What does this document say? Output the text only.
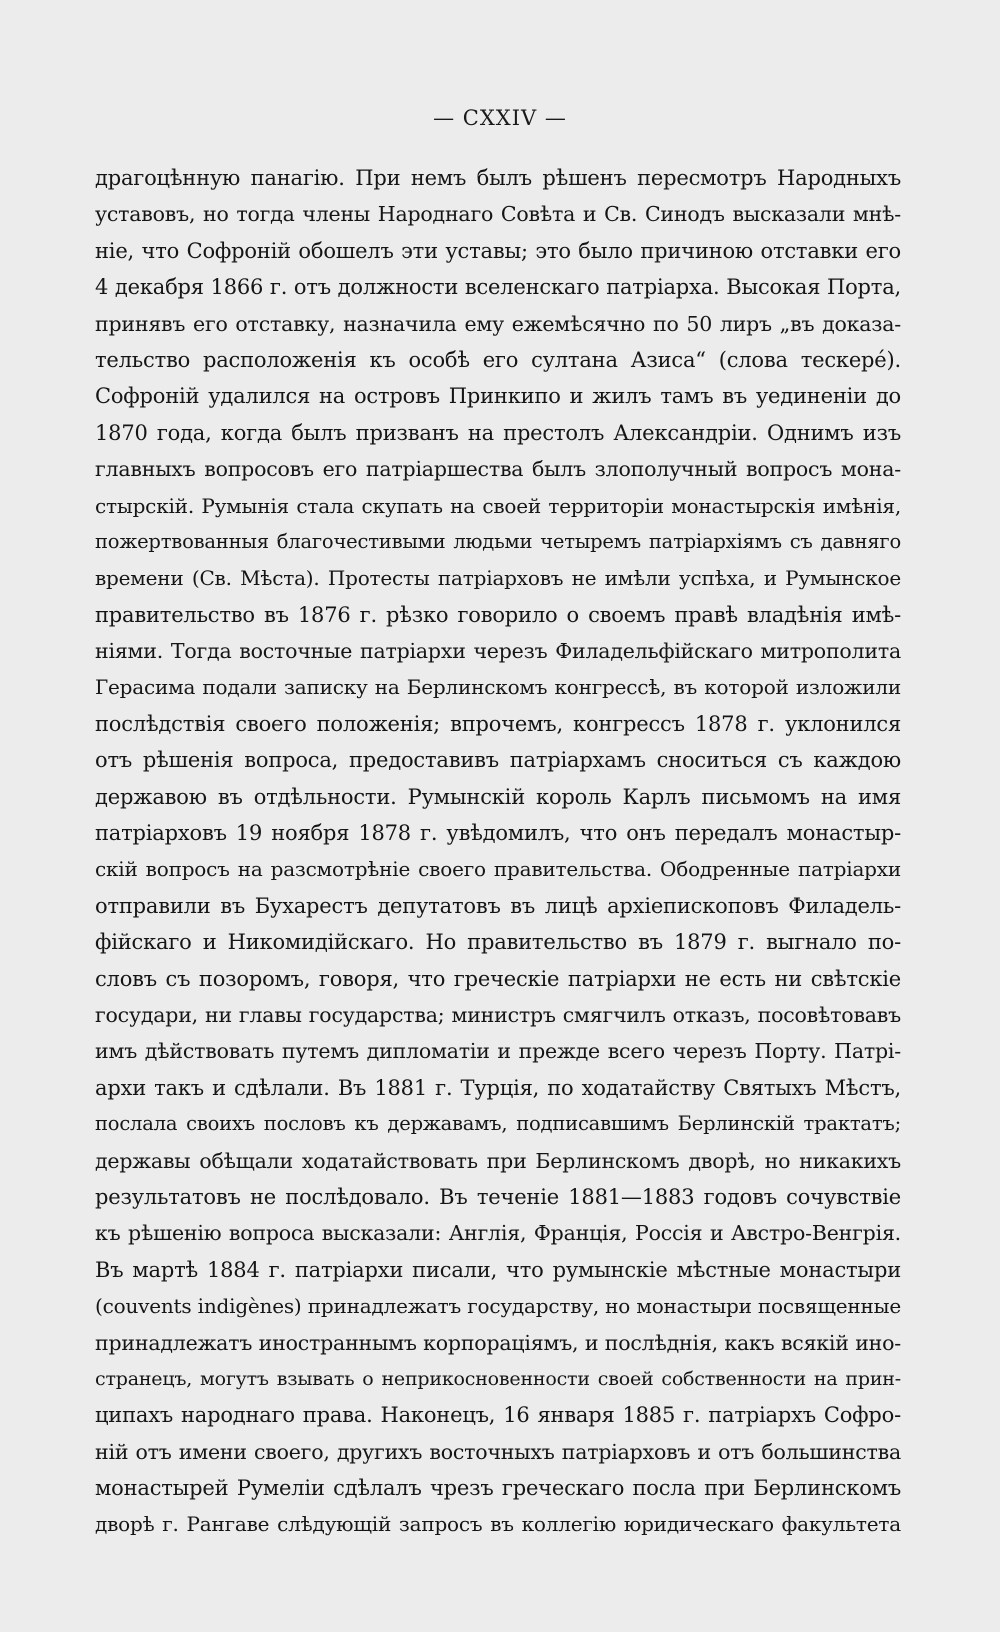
— CXXIV —
драгоцѣнную панагію. При немъ былъ рѣшенъ пересмотръ Народныхъ
уставовъ, но тогда члены Народнаго Совѣта и Св. Синодъ высказали мнѣ-
ніе, что Софроній обошелъ эти уставы; это было причиною отставки его
4 декабря 1866 г. отъ должности вселенскаго патріарха. Высокая Порта,
принявъ его отставку, назначила ему ежемѣсячно по 50 лиръ „въ доказа-
тельство расположенія къ особѣ его султана Азиса“ (слова тескере́).
Софроній удалился на островъ Принкипо и жилъ тамъ въ уединеніи до
1870 года, когда былъ призванъ на престолъ Александріи. Однимъ изъ
главныхъ вопросовъ его патріаршества былъ злополучный вопросъ мона-
стырскій. Румынія стала скупать на своей территоріи монастырскія имѣнія,
пожертвованныя благочестивыми людьми четыремъ патріархіямъ съ давняго
времени (Св. Мѣста). Протесты патріарховъ не имѣли успѣха, и Румынское
правительство въ 1876 г. рѣзко говорило о своемъ правѣ владѣнія имѣ-
ніями. Тогда восточные патріархи черезъ Филадельфійскаго митрополита
Герасима подали записку на Берлинскомъ конгрессѣ, въ которой изложили
послѣдствія своего положенія; впрочемъ, конгрессъ 1878 г. уклонился
отъ рѣшенія вопроса, предоставивъ патріархамъ сноситься съ каждою
державою въ отдѣльности. Румынскій король Карлъ письмомъ на имя
патріарховъ 19 ноября 1878 г. увѣдомилъ, что онъ передалъ монастыр-
скій вопросъ на разсмотрѣніе своего правительства. Ободренные патріархи
отправили въ Бухарестъ депутатовъ въ лицѣ архіепископовъ Филадель-
фійскаго и Никомидійскаго. Но правительство въ 1879 г. выгнало по-
словъ съ позоромъ, говоря, что греческіе патріархи не есть ни свѣтскіе
государи, ни главы государства; министръ смягчилъ отказъ, посовѣтовавъ
имъ дѣйствовать путемъ дипломатіи и прежде всего черезъ Порту. Патрі-
архи такъ и сдѣлали. Въ 1881 г. Турція, по ходатайству Святыхъ Мѣстъ,
послала своихъ пословъ къ державамъ, подписавшимъ Берлинскій трактатъ;
державы обѣщали ходатайствовать при Берлинскомъ дворѣ, но никакихъ
результатовъ не послѣдовало. Въ теченіе 1881—1883 годовъ сочувствіе
къ рѣшенію вопроса высказали: Англія, Франція, Россія и Австро-Венгрія.
Въ мартѣ 1884 г. патріархи писали, что румынскіе мѣстные монастыри
(couvents indigènes) принадлежатъ государству, но монастыри посвященные
принадлежатъ иностраннымъ корпораціямъ, и послѣднія, какъ всякій ино-
странецъ, могутъ взывать о неприкосновенности своей собственности на прин-
ципахъ народнаго права. Наконецъ, 16 января 1885 г. патріархъ Софро-
ній отъ имени своего, другихъ восточныхъ патріарховъ и отъ большинства
монастырей Румеліи сдѣлалъ чрезъ греческаго посла при Берлинскомъ
дворѣ г. Рангаве слѣдующій запросъ въ коллегію юридическаго факультета
